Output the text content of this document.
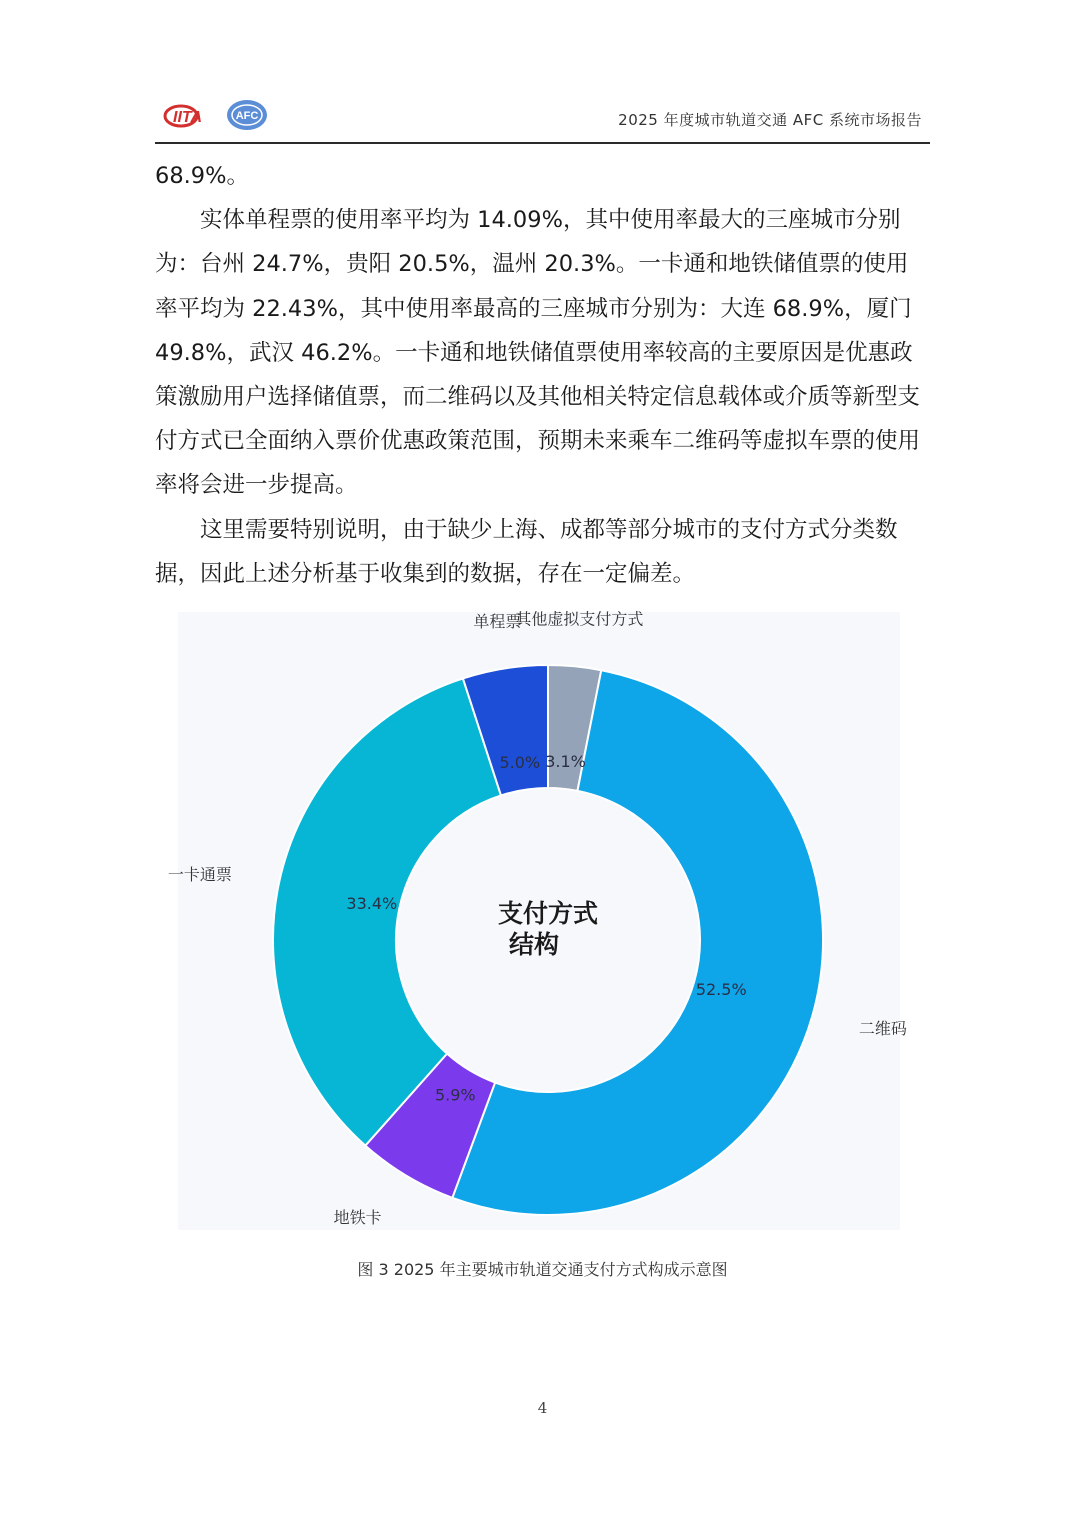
IITA	AFC	2025 年度城市轨道交通 AFC 系统市场报告

68.9%。

实体单程票的使用率平均为 14.09%，其中使用率最大的三座城市分别为：台州 24.7%，贵阳 20.5%，温州 20.3%。一卡通和地铁储值票的使用率平均为 22.43%，其中使用率最高的三座城市分别为：大连 68.9%，厦门 49.8%，武汉 46.2%。一卡通和地铁储值票使用率较高的主要原因是优惠政策激励用户选择储值票，而二维码以及其他相关特定信息载体或介质等新型支付方式已全面纳入票价优惠政策范围，预期未来乘车二维码等虚拟车票的使用率将会进一步提高。

这里需要特别说明，由于缺少上海、成都等部分城市的支付方式分类数据，因此上述分析基于收集到的数据，存在一定偏差。

3.1%
52.5%
5.9%
33.4%
5.0%
其他虚拟支付方式
二维码
地铁卡
一卡通票
单程票
支付方式
结构
图 3 2025 年主要城市轨道交通支付方式构成示意图
4
